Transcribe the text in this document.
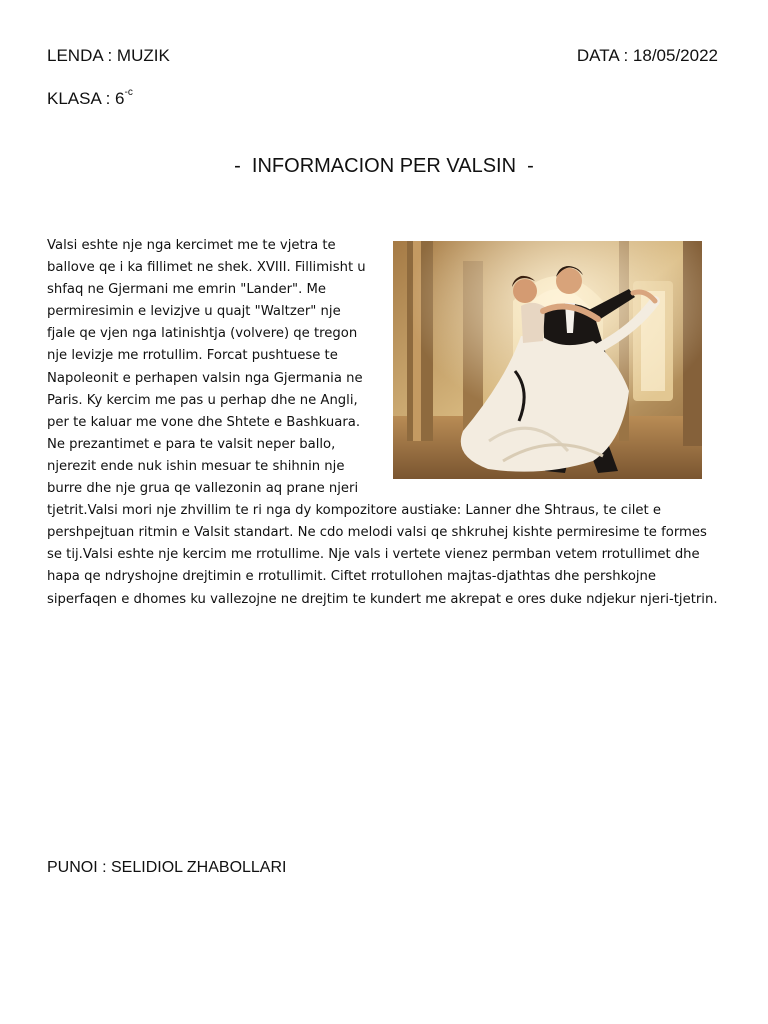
LENDA : MUZIK	DATA : 18/05/2022
KLASA : $6^{-c}$
-  INFORMACION PER VALSIN  -
Valsi eshte nje nga kercimet me te vjetra te ballove qe i ka fillimet ne shek. XVIII. Fillimisht u shfaq ne Gjermani me emrin "Lander". Me permiresimin e levizjve u quajt "Waltzer" nje fjale qe vjen nga latinishtja (volvere) qe tregon nje levizje me rrotullim. Forcat pushtuese te Napoleonit e perhapen valsin nga Gjermania ne Paris. Ky kercim me pas u perhap dhe ne Angli, per te kaluar me vone dhe Shtete e Bashkuara. Ne prezantimet e para te valsit neper ballo, njerezit ende nuk ishin mesuar te shihnin nje burre dhe nje grua qe vallezonin aq prane njeri tjetrit.Valsi mori nje zhvillim te ri nga dy kompozitore austiake: Lanner dhe Shtraus, te cilet e pershpejtuan ritmin e Valsit standart. Ne cdo melodi valsi qe shkruhej kishte permiresime te formes se tij.Valsi eshte nje kercim me rrotullime. Nje vals i vertete vienez permban vetem rrotullimet dhe hapa qe ndryshojne drejtimin e rrotullimit. Ciftet rrotullohen majtas-djathtas dhe pershkojne siperfaqen e dhomes ku vallezojne ne drejtim te kundert me akrepat e ores duke ndjekur njeri-tjetrin.
PUNOI : SELIDIOL ZHABOLLARI
